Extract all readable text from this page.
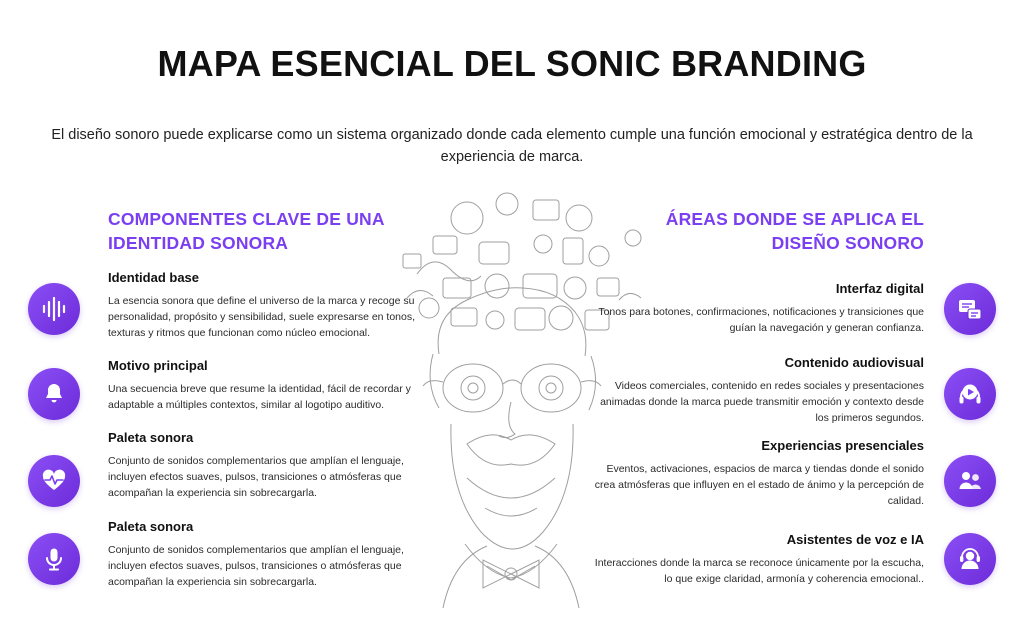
MAPA ESENCIAL DEL SONIC BRANDING
El diseño sonoro puede explicarse como un sistema organizado donde cada elemento cumple una función emocional y estratégica dentro de la experiencia de marca.
COMPONENTES CLAVE DE UNA IDENTIDAD SONORA
ÁREAS DONDE SE APLICA EL DISEÑO SONORO
Identidad base

La esencia sonora que define el universo de la marca y recoge su personalidad, propósito y sensibilidad, suele expresarse en tonos, texturas y ritmos que funcionan como núcleo emocional.

Motivo principal

Una secuencia breve que resume la identidad, fácil de recordar y adaptable a múltiples contextos, similar al logotipo auditivo.

Paleta sonora

Conjunto de sonidos complementarios que amplían el lenguaje, incluyen efectos suaves, pulsos, transiciones o atmósferas que acompañan la experiencia sin sobrecargarla.

Paleta sonora

Conjunto de sonidos complementarios que amplían el lenguaje, incluyen efectos suaves, pulsos, transiciones o atmósferas que acompañan la experiencia sin sobrecargarla.

Interfaz digital

Tonos para botones, confirmaciones, notificaciones y transiciones que guían la navegación y generan confianza.

Contenido audiovisual

Videos comerciales, contenido en redes sociales y presentaciones animadas donde la marca puede transmitir emoción y contexto desde los primeros segundos.

Experiencias presenciales

Eventos, activaciones, espacios de marca y tiendas donde el sonido crea atmósferas que influyen en el estado de ánimo y la percepción de calidad.

Asistentes de voz e IA

Interacciones donde la marca se reconoce únicamente por la escucha, lo que exige claridad, armonía y coherencia emocional..
